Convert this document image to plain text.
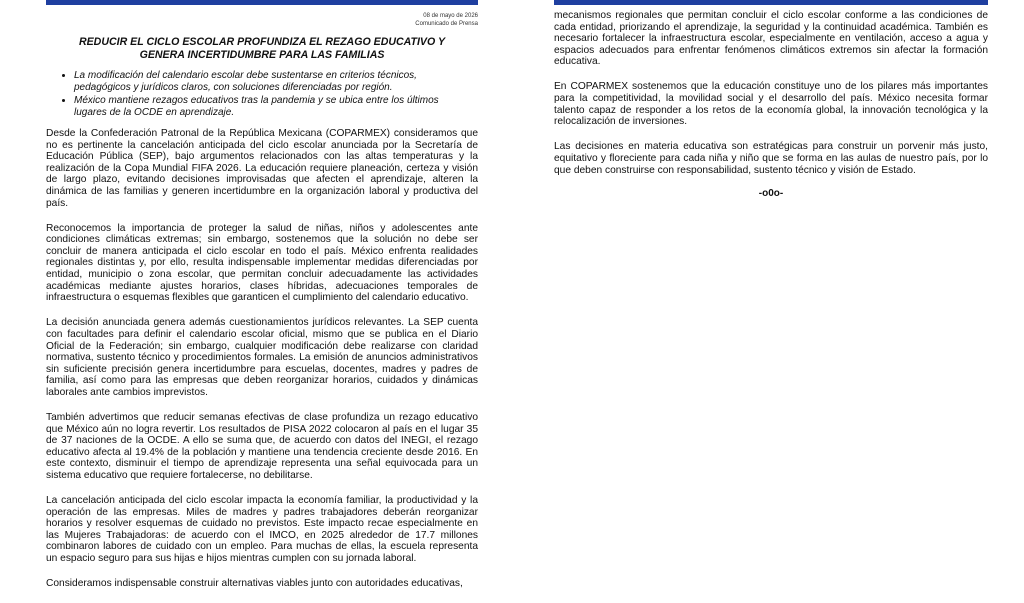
08 de mayo de 2026
Comunicado de Prensa
REDUCIR EL CICLO ESCOLAR PROFUNDIZA EL REZAGO EDUCATIVO Y GENERA INCERTIDUMBRE PARA LAS FAMILIAS
• La modificación del calendario escolar debe sustentarse en criterios técnicos, pedagógicos y jurídicos claros, con soluciones diferenciadas por región.
• México mantiene rezagos educativos tras la pandemia y se ubica entre los últimos lugares de la OCDE en aprendizaje.

Desde la Confederación Patronal de la República Mexicana (COPARMEX) consideramos que no es pertinente la cancelación anticipada del ciclo escolar anunciada por la Secretaría de Educación Pública (SEP), bajo argumentos relacionados con las altas temperaturas y la realización de la Copa Mundial FIFA 2026. La educación requiere planeación, certeza y visión de largo plazo, evitando decisiones improvisadas que afecten el aprendizaje, alteren la dinámica de las familias y generen incertidumbre en la organización laboral y productiva del país.

Reconocemos la importancia de proteger la salud de niñas, niños y adolescentes ante condiciones climáticas extremas; sin embargo, sostenemos que la solución no debe ser concluir de manera anticipada el ciclo escolar en todo el país. México enfrenta realidades regionales distintas y, por ello, resulta indispensable implementar medidas diferenciadas por entidad, municipio o zona escolar, que permitan concluir adecuadamente las actividades académicas mediante ajustes horarios, clases híbridas, adecuaciones temporales de infraestructura o esquemas flexibles que garanticen el cumplimiento del calendario educativo.

La decisión anunciada genera además cuestionamientos jurídicos relevantes. La SEP cuenta con facultades para definir el calendario escolar oficial, mismo que se publica en el Diario Oficial de la Federación; sin embargo, cualquier modificación debe realizarse con claridad normativa, sustento técnico y procedimientos formales. La emisión de anuncios administrativos sin suficiente precisión genera incertidumbre para escuelas, docentes, madres y padres de familia, así como para las empresas que deben reorganizar horarios, cuidados y dinámicas laborales ante cambios imprevistos.

También advertimos que reducir semanas efectivas de clase profundiza un rezago educativo que México aún no logra revertir. Los resultados de PISA 2022 colocaron al país en el lugar 35 de 37 naciones de la OCDE. A ello se suma que, de acuerdo con datos del INEGI, el rezago educativo afecta al 19.4% de la población y mantiene una tendencia creciente desde 2016. En este contexto, disminuir el tiempo de aprendizaje representa una señal equivocada para un sistema educativo que requiere fortalecerse, no debilitarse.

La cancelación anticipada del ciclo escolar impacta la economía familiar, la productividad y la operación de las empresas. Miles de madres y padres trabajadores deberán reorganizar horarios y resolver esquemas de cuidado no previstos. Este impacto recae especialmente en las Mujeres Trabajadoras: de acuerdo con el IMCO, en 2025 alrededor de 17.7 millones combinaron labores de cuidado con un empleo. Para muchas de ellas, la escuela representa un espacio seguro para sus hijas e hijos mientras cumplen con su jornada laboral.

Consideramos indispensable construir alternativas viables junto con autoridades educativas,

mecanismos regionales que permitan concluir el ciclo escolar conforme a las condiciones de cada entidad, priorizando el aprendizaje, la seguridad y la continuidad académica. También es necesario fortalecer la infraestructura escolar, especialmente en ventilación, acceso a agua y espacios adecuados para enfrentar fenómenos climáticos extremos sin afectar la formación educativa.

En COPARMEX sostenemos que la educación constituye uno de los pilares más importantes para la competitividad, la movilidad social y el desarrollo del país. México necesita formar talento capaz de responder a los retos de la economía global, la innovación tecnológica y la relocalización de inversiones.

Las decisiones en materia educativa son estratégicas para construir un porvenir más justo, equitativo y floreciente para cada niña y niño que se forma en las aulas de nuestro país, por lo que deben construirse con responsabilidad, sustento técnico y visión de Estado.

-o0o-
